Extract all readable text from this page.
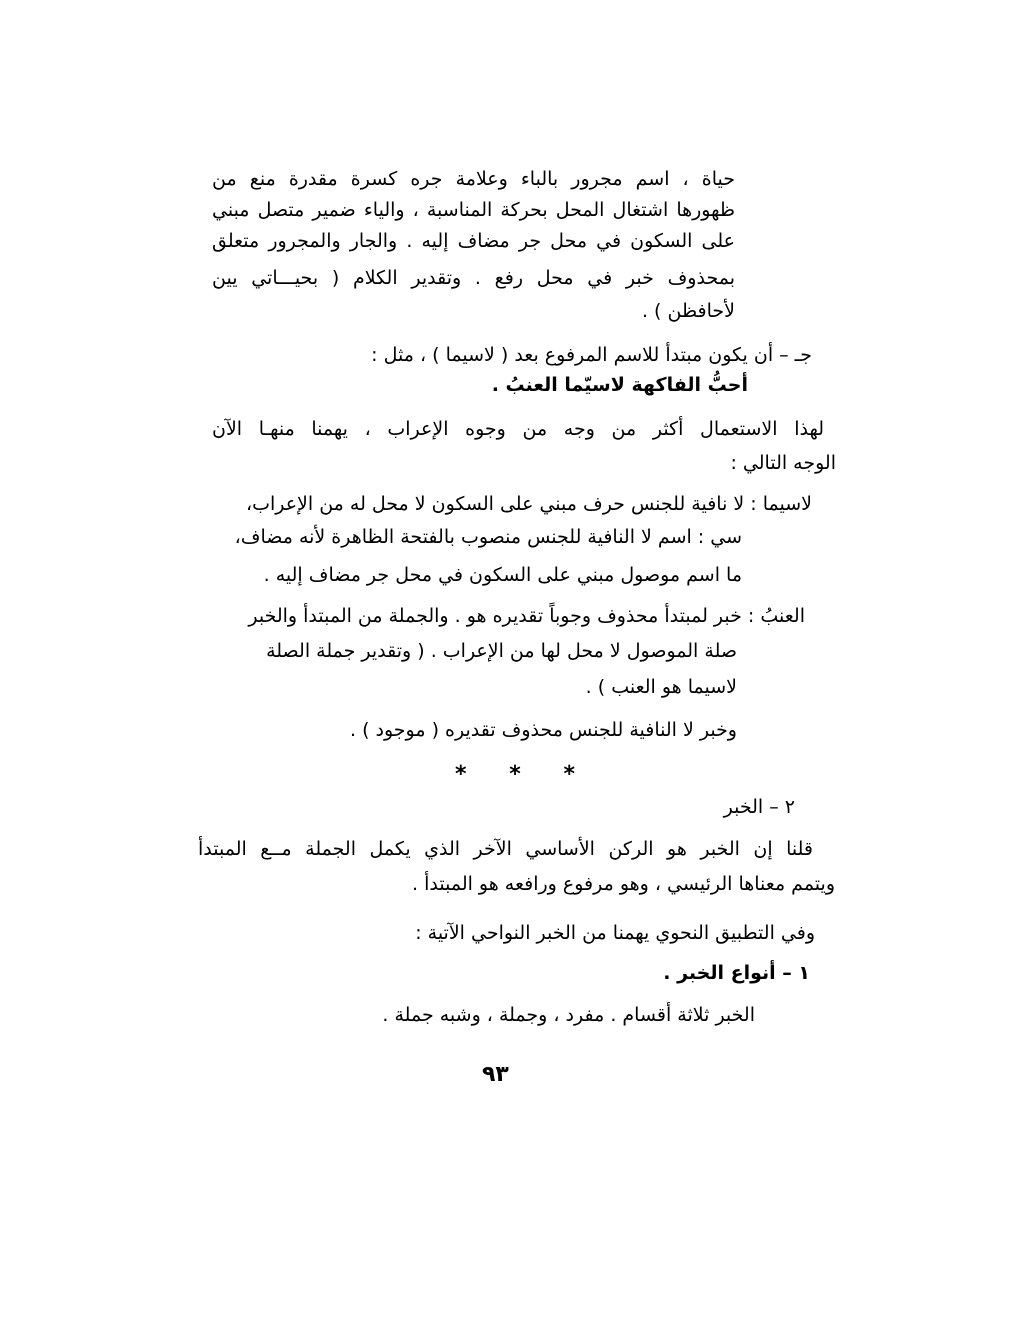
حياة ، اسم مجرور بالباء وعلامة جره كسرة مقدرة منع من
ظهورها اشتغال المحل بحركة المناسبة ، والياء ضمير متصل مبني
على السكون في محل جر مضاف إليه . والجار والمجرور متعلق
بمحذوف خبر في محل رفع . وتقدير الكلام ( بحيـــاتي يين
لأحافظن ) .
جـ – أن يكون مبتدأ للاسم المرفوع بعد ( لاسيما ) ، مثل :
أحبُّ الفاكهة لاسيّما العنبُ .
لهذا الاستعمال أكثر من وجه من وجوه الإعراب ، يهمنا منهـا الآن
الوجه التالي :
لاسيما : لا نافية للجنس حرف مبني على السكون لا محل له من الإعراب،
سي : اسم لا النافية للجنس منصوب بالفتحة الظاهرة لأنه مضاف،
ما اسم موصول مبني على السكون في محل جر مضاف إليه .
العنبُ : خبر لمبتدأ محذوف وجوباً تقديره هو . والجملة من المبتدأ والخبر
صلة الموصول لا محل لها من الإعراب . ( وتقدير جملة الصلة
لاسيما هو العنب ) .
وخبر لا النافية للجنس محذوف تقديره ( موجود ) .
* * *
٢ – الخبر
قلنا إن الخبر هو الركن الأساسي الآخر الذي يكمل الجملة مــع المبتدأ
ويتمم معناها الرئيسي ، وهو مرفوع ورافعه هو المبتدأ .
وفي التطبيق النحوي يهمنا من الخبر النواحي الآتية :
١ – أنواع الخبر .
الخبر ثلاثة أقسام . مفرد ، وجملة ، وشبه جملة .
٩٣
